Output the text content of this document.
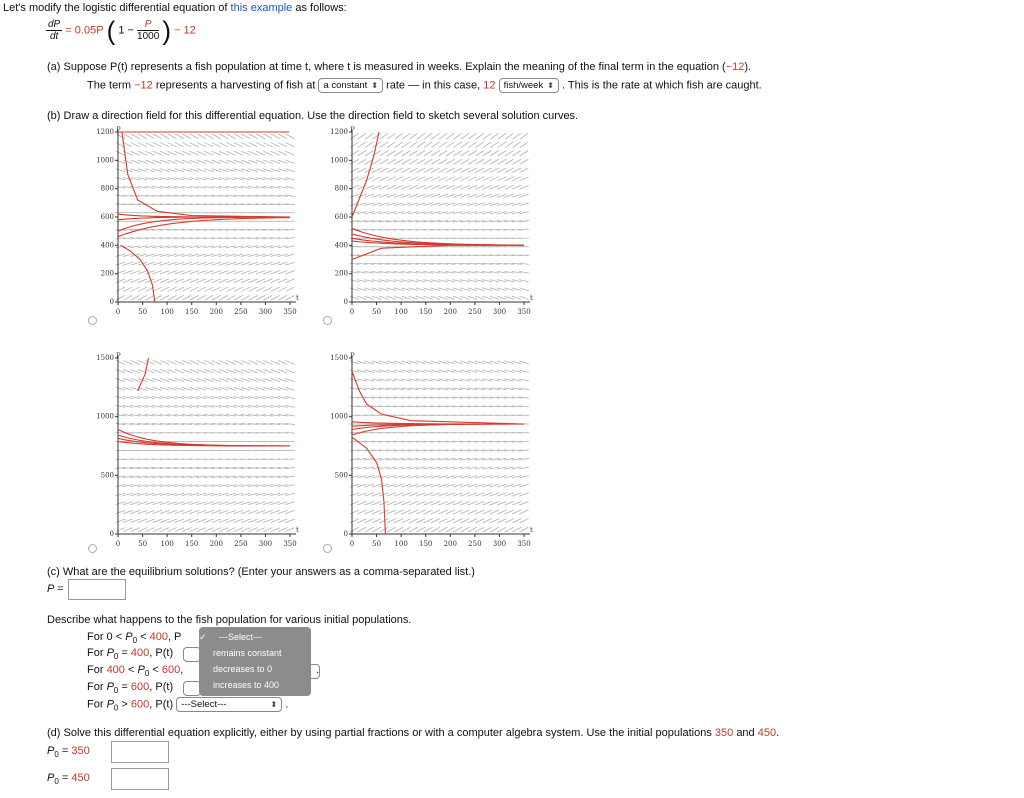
Let's modify the logistic differential equation of this example as follows:
$\frac{dP}{dt} = 0.05P$ ( $1 - \frac{P}{1000}$ ) − 12
(a) Suppose P(t) represents a fish population at time t, where t is measured in weeks. Explain the meaning of the final term in the equation (−12).
The term −12 represents a harvesting of fish at a constant ⬍ rate — in this case, 12 fish/week ⬍ . This is the rate at which fish are caught.
(b) Draw a direction field for this differential equation. Use the direction field to sketch several solution curves.
0	50 100 150 200 250 300 350
0
200
400
600
800
1000
1200 P
t
0	50 100 150 200 250 300 350
0
200
400
600
800
1000
1200 P
t
0	50 100 150 200 250 300 350
0
500
1000
1500 P
t
0	50 100 150 200 250 300 350
0
500
1000
1500 P
t
(c) What are the equilibrium solutions? (Enter your answers as a comma-separated list.)
P =
Describe what happens to the fish population for various initial populations.
For $0 < P_0 < 400$, P
For $P_0 = 400$, P(t)
For $400 < P_0 < 600$,
For $P_0 = 600$, P(t)
For $P_0 > 600$, P(t) ---Select---	⬍ .
.
✓ ---Select---
remains constant
decreases to 0
increases to 400
(d) Solve this differential equation explicitly, either by using partial fractions or with a computer algebra system. Use the initial populations 350 and 450.
$P_0 = 350$
$P_0 = 450$
